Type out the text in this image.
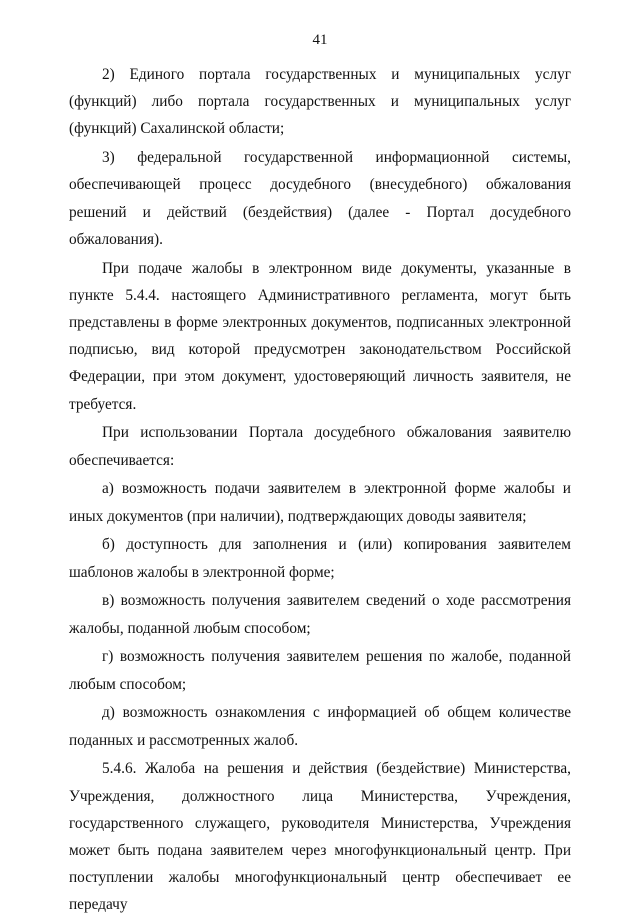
41

2) Единого портала государственных и муниципальных услуг (функций) либо портала государственных и муниципальных услуг (функций) Сахалинской области;

3) федеральной государственной информационной системы, обеспечивающей процесс досудебного (внесудебного) обжалования решений и действий (бездействия) (далее - Портал досудебного обжалования).

При подаче жалобы в электронном виде документы, указанные в пункте 5.4.4. настоящего Административного регламента, могут быть представлены в форме электронных документов, подписанных электронной подписью, вид которой предусмотрен законодательством Российской Федерации, при этом документ, удостоверяющий личность заявителя, не требуется.

При использовании Портала досудебного обжалования заявителю обеспечивается:

а) возможность подачи заявителем в электронной форме жалобы и иных документов (при наличии), подтверждающих доводы заявителя;

б) доступность для заполнения и (или) копирования заявителем шаблонов жалобы в электронной форме;

в) возможность получения заявителем сведений о ходе рассмотрения жалобы, поданной любым способом;

г) возможность получения заявителем решения по жалобе, поданной любым способом;

д) возможность ознакомления с информацией об общем количестве поданных и рассмотренных жалоб.

5.4.6. Жалоба на решения и действия (бездействие) Министерства, Учреждения, должностного лица Министерства, Учреждения, государственного служащего, руководителя Министерства, Учреждения может быть подана заявителем через многофункциональный центр. При поступлении жалобы многофункциональный центр обеспечивает ее передачу
